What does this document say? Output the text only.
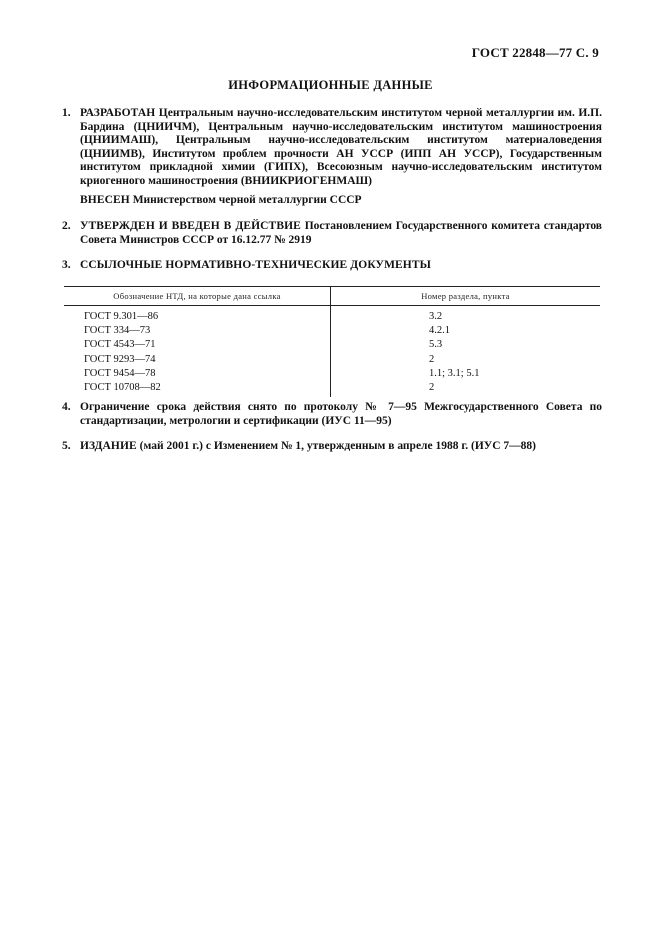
ГОСТ 22848—77 С. 9
ИНФОРМАЦИОННЫЕ ДАННЫЕ
1. РАЗРАБОТАН Центральным научно-исследовательским институтом черной металлургии им. И.П. Бардина (ЦНИИЧМ), Центральным научно-исследовательским институтом машиностроения (ЦНИИМАШ), Центральным научно-исследовательским институтом материаловедения (ЦНИИМВ), Институтом проблем прочности АН УССР (ИПП АН УССР), Государственным институтом прикладной химии (ГИПХ), Всесоюзным научно-исследовательским институтом криогенного машиностроения (ВНИИКРИОГЕНМАШ)
ВНЕСЕН Министерством черной металлургии СССР
2. УТВЕРЖДЕН И ВВЕДЕН В ДЕЙСТВИЕ Постановлением Государственного комитета стандартов Совета Министров СССР от 16.12.77 № 2919
3. ССЫЛОЧНЫЕ НОРМАТИВНО-ТЕХНИЧЕСКИЕ ДОКУМЕНТЫ
Обозначение НТД, на которые дана ссылка	Номер раздела, пункта
ГОСТ 9.301—86	3.2
ГОСТ 334—73	4.2.1
ГОСТ 4543—71	5.3
ГОСТ 9293—74	2
ГОСТ 9454—78	1.1; 3.1; 5.1
ГОСТ 10708—82	2
4. Ограничение срока действия снято по протоколу № 7—95 Межгосударственного Совета по стандартизации, метрологии и сертификации (ИУС 11—95)
5. ИЗДАНИЕ (май 2001 г.) с Изменением № 1, утвержденным в апреле 1988 г. (ИУС 7—88)
